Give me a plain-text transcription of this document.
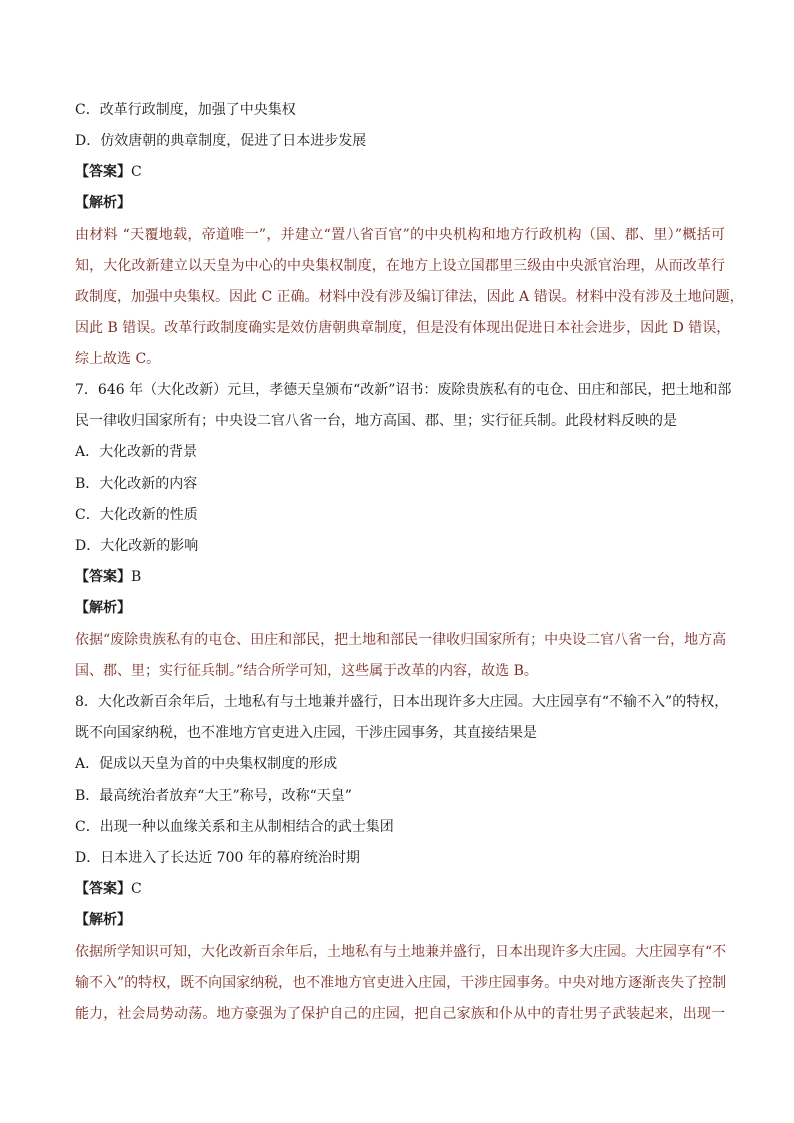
C．改革行政制度，加强了中央集权
D．仿效唐朝的典章制度，促进了日本进步发展
【答案】C
【解析】
由材料 “天覆地载，帝道唯一”，并建立“置八省百官”的中央机构和地方行政机构（国、郡、里）”概括可
知，大化改新建立以天皇为中心的中央集权制度，在地方上设立国郡里三级由中央派官治理，从而改革行
政制度，加强中央集权。因此 C 正确。材料中没有涉及编订律法，因此 A 错误。材料中没有涉及土地问题，
因此 B 错误。改革行政制度确实是效仿唐朝典章制度，但是没有体现出促进日本社会进步，因此 D 错误，
综上故选 C。
7．646 年（大化改新）元旦，孝德天皇颁布“改新”诏书：废除贵族私有的屯仓、田庄和部民，把土地和部
民一律收归国家所有；中央设二官八省一台，地方高国、郡、里；实行征兵制。此段材料反映的是
A．大化改新的背景
B．大化改新的内容
C．大化改新的性质
D．大化改新的影响
【答案】B
【解析】
依据“废除贵族私有的屯仓、田庄和部民，把土地和部民一律收归国家所有；中央设二官八省一台，地方高
国、郡、里；实行征兵制。”结合所学可知，这些属于改革的内容，故选 B。
8．大化改新百余年后，土地私有与土地兼并盛行，日本出现许多大庄园。大庄园享有“不输不入”的特权，
既不向国家纳税，也不准地方官吏进入庄园，干涉庄园事务，其直接结果是
A．促成以天皇为首的中央集权制度的形成
B．最高统治者放弃“大王”称号，改称“天皇”
C．出现一种以血缘关系和主从制相结合的武士集团
D．日本进入了长达近 700 年的幕府统治时期
【答案】C
【解析】
依据所学知识可知，大化改新百余年后，土地私有与土地兼并盛行，日本出现许多大庄园。大庄园享有“不
输不入”的特权，既不向国家纳税，也不准地方官吏进入庄园，干涉庄园事务。中央对地方逐渐丧失了控制
能力，社会局势动荡。地方豪强为了保护自己的庄园，把自己家族和仆从中的青壮男子武装起来，出现一
